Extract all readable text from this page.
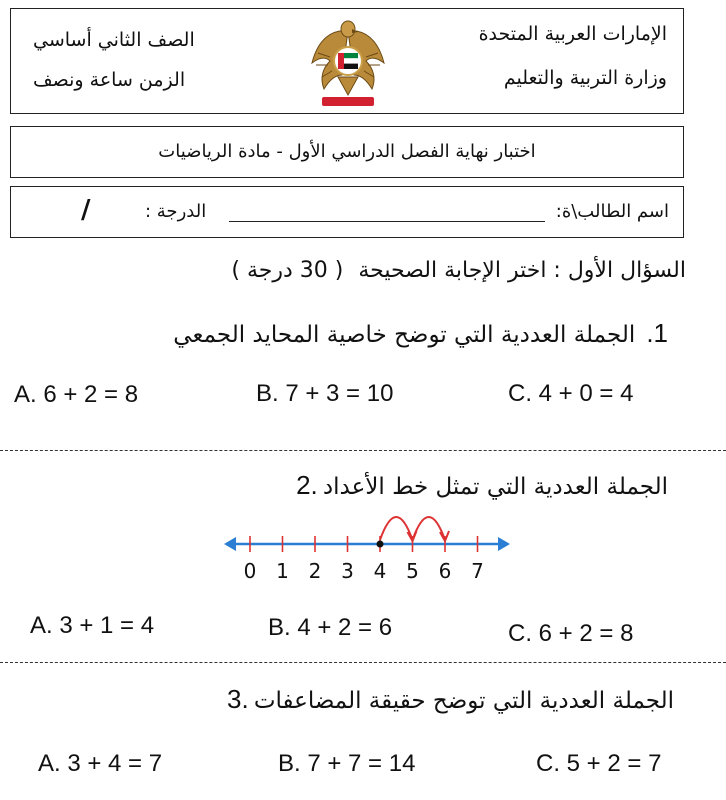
الإمارات العربية المتحدة
وزارة التربية والتعليم
الصف الثاني أساسي
الزمن ساعة ونصف
اختبار نهاية الفصل الدراسي الأول - مادة الرياضيات
اسم الطالب\ة:
الدرجة :
/
السؤال الأول : اختر الإجابة الصحيحة ( 30 درجة )
الجملة العددية التي توضح خاصية المحايد الجمعي .1
A. 6 + 2 = 8	B. 7 + 3 = 10	C. 4 + 0 = 4
الجملة العددية التي تمثل خط الأعداد .2
0 1 2 3 4 5 6 7
A. 3 + 1 = 4	B. 4 + 2 = 6	C. 6 + 2 = 8
الجملة العددية التي توضح حقيقة المضاعفات .3
A. 3 + 4 = 7	B. 7 + 7 = 14	C. 5 + 2 = 7
